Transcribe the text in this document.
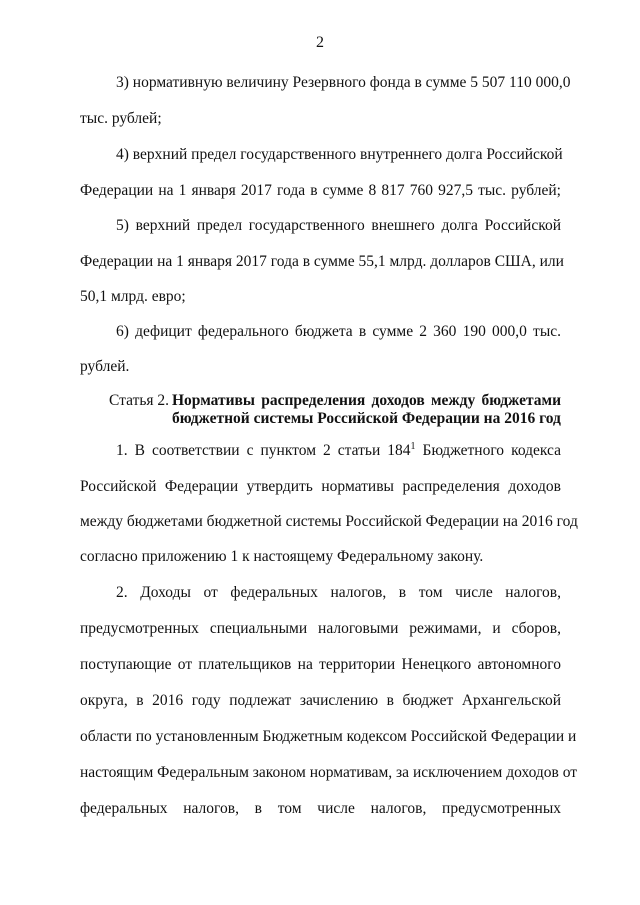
2
3) нормативную величину Резервного фонда в сумме 5 507 110 000,0
тыс. рублей;
4) верхний предел государственного внутреннего долга Российской
Федерации на 1 января 2017 года в сумме 8 817 760 927,5 тыс. рублей;
5) верхний предел государственного внешнего долга Российской
Федерации на 1 января 2017 года в сумме 55,1 млрд. долларов США, или
50,1 млрд. евро;
6) дефицит федерального бюджета в сумме 2 360 190 000,0 тыс.
рублей.
Статья 2. Нормативы распределения доходов между бюджетами
бюджетной системы Российской Федерации на 2016 год
1. В соответствии с пунктом 2 статьи $184^1$ Бюджетного кодекса
Российской Федерации утвердить нормативы распределения доходов
между бюджетами бюджетной системы Российской Федерации на 2016 год
согласно приложению 1 к настоящему Федеральному закону.
2. Доходы от федеральных налогов, в том числе налогов,
предусмотренных специальными налоговыми режимами, и сборов,
поступающие от плательщиков на территории Ненецкого автономного
округа, в 2016 году подлежат зачислению в бюджет Архангельской
области по установленным Бюджетным кодексом Российской Федерации и
настоящим Федеральным законом нормативам, за исключением доходов от
федеральных налогов, в том числе налогов, предусмотренных
